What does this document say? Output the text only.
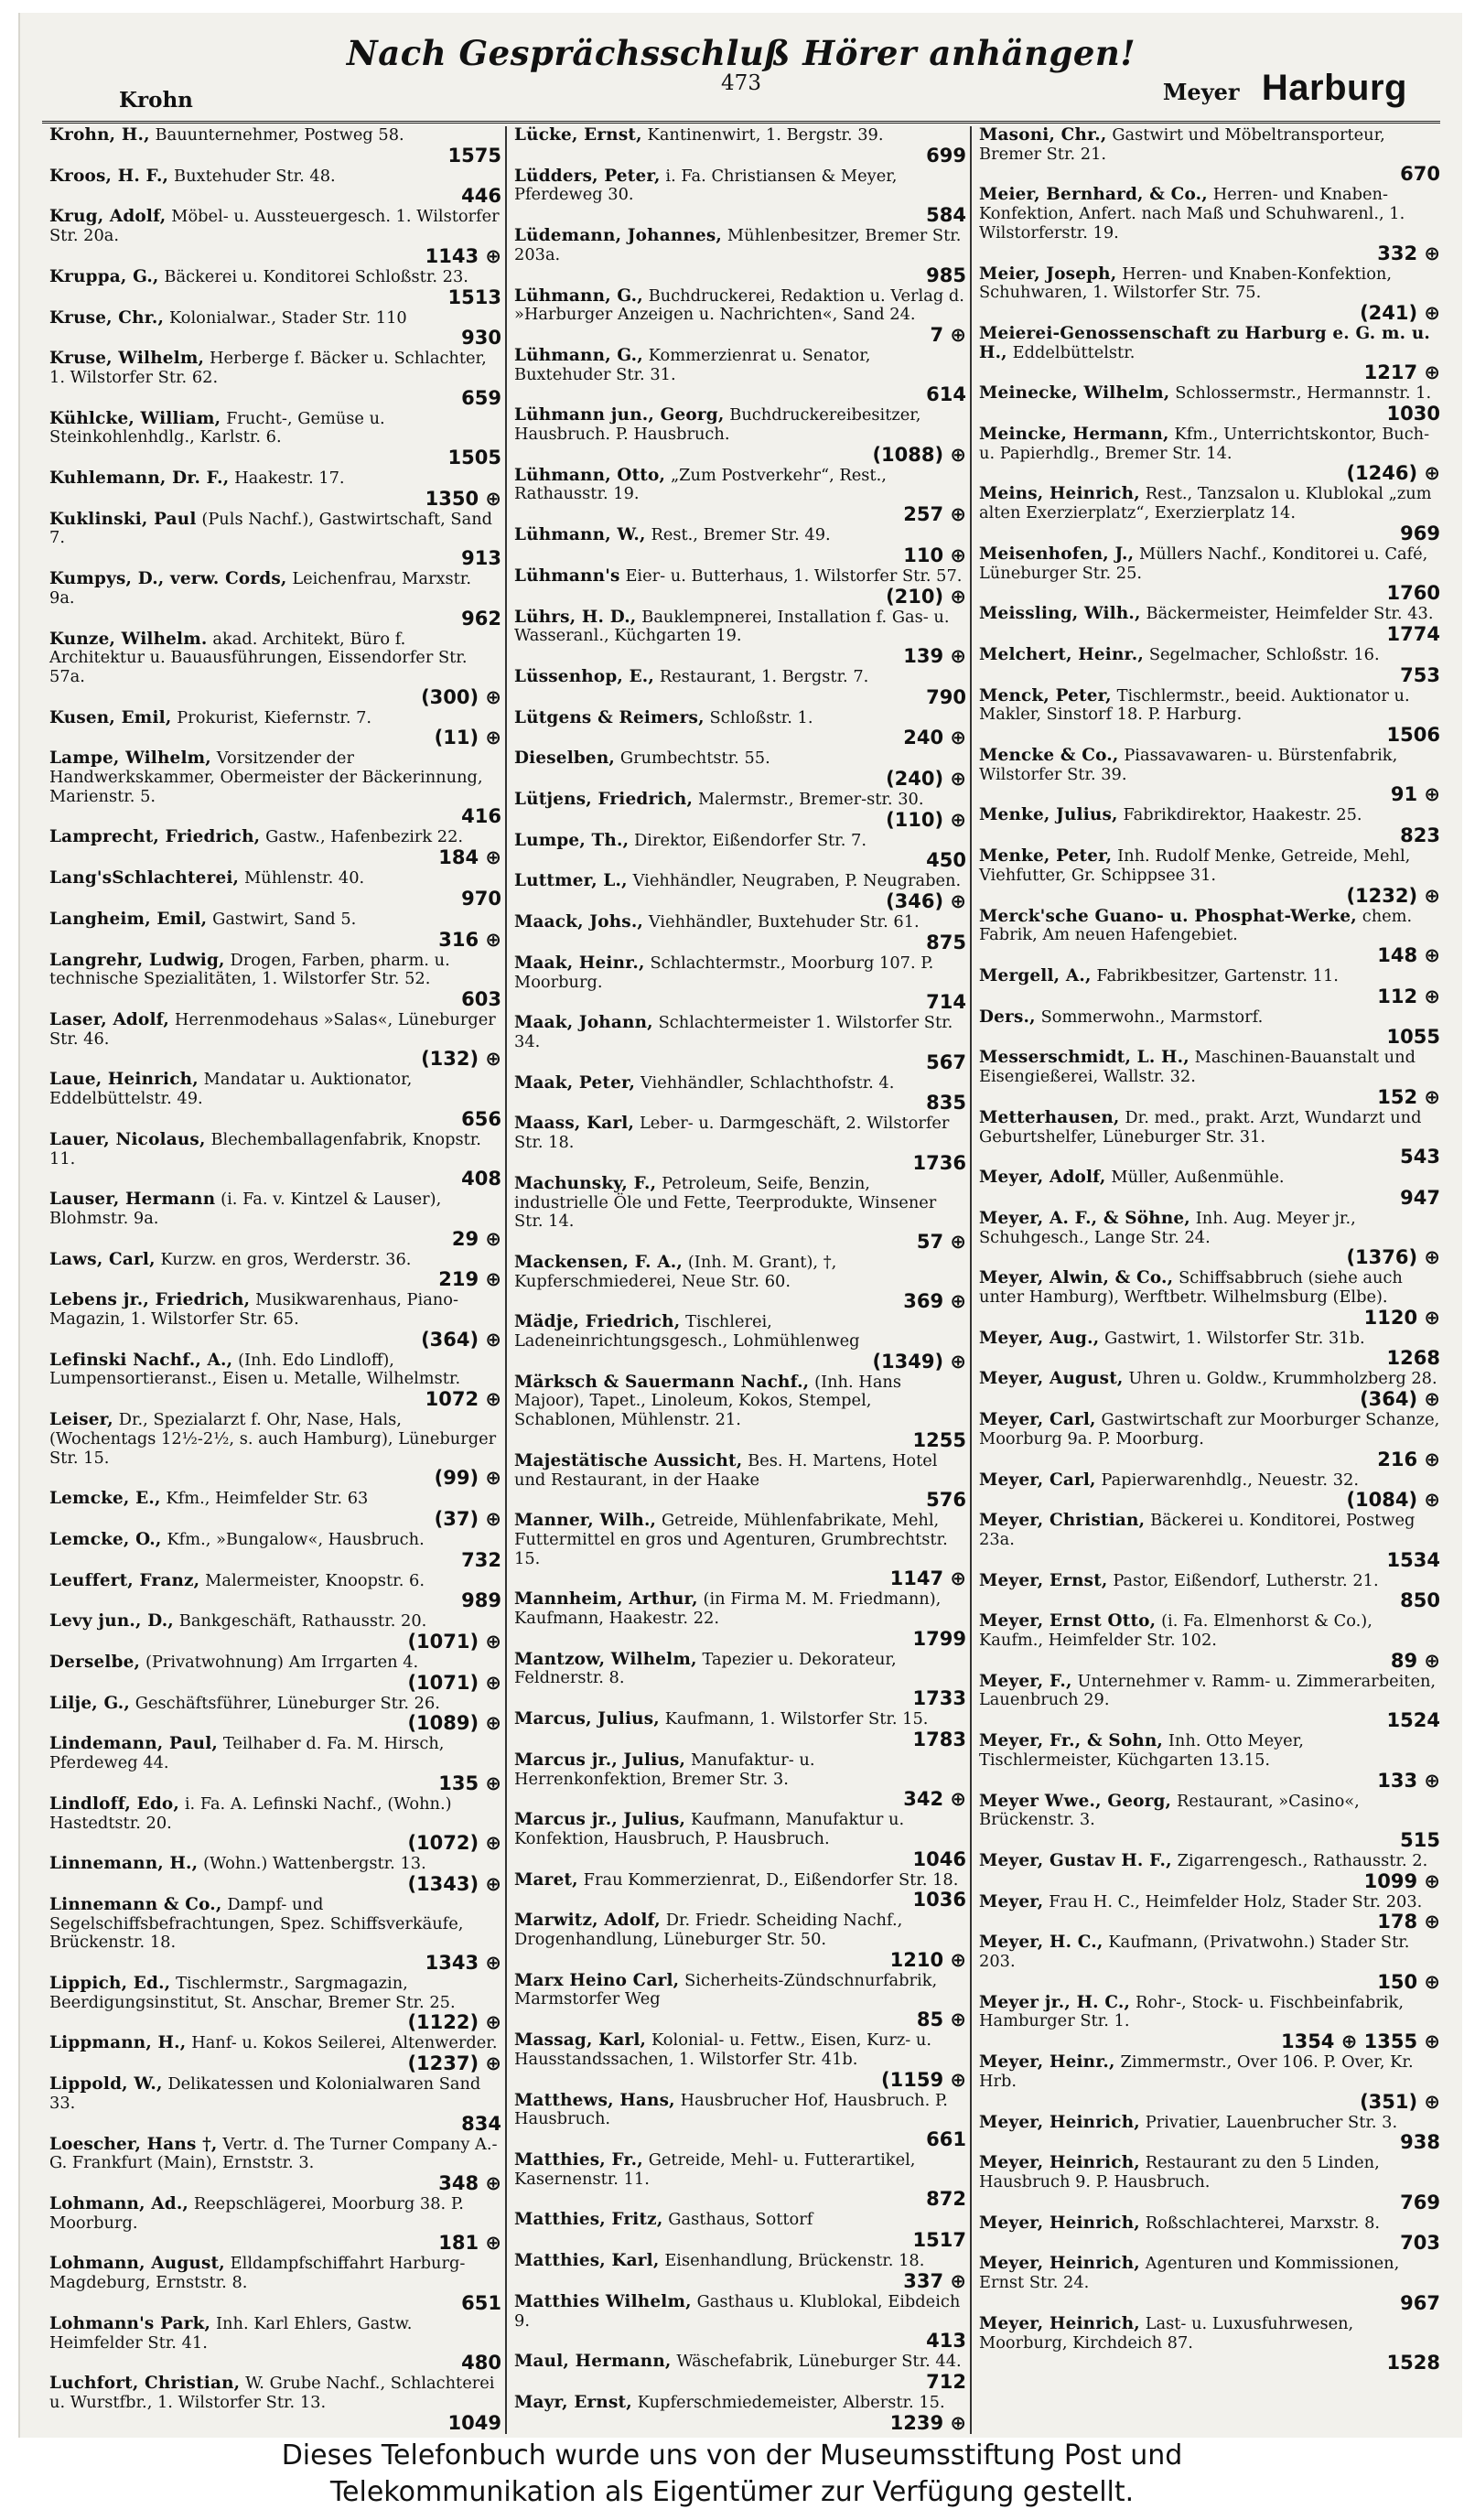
Nach Gesprächsschluß Hörer anhängen!
473
Krohn	Meyer Harburg
Krohn, H., Bauunternehmer, Postweg 58.
1575
Kroos, H. F., Buxtehuder Str. 48.
446
Krug, Adolf, Möbel- u. Aussteuergesch. 1. Wilstorfer Str. 20a.
1143 ⊕
Kruppa, G., Bäckerei u. Konditorei Schloßstr. 23.
1513
Kruse, Chr., Kolonialwar., Stader Str. 110
930
Kruse, Wilhelm, Herberge f. Bäcker u. Schlachter, 1. Wilstorfer Str. 62.
659
Kühlcke, William, Frucht-, Gemüse u. Steinkohlenhdlg., Karlstr. 6.
1505
Kuhlemann, Dr. F., Haakestr. 17.
1350 ⊕
Kuklinski, Paul (Puls Nachf.), Gastwirtschaft, Sand 7.
913
Kumpys, D., verw. Cords, Leichenfrau, Marxstr. 9a.
962
Kunze, Wilhelm. akad. Architekt, Büro f. Architektur u. Bauausführungen, Eissendorfer Str. 57a.
(300) ⊕
Kusen, Emil, Prokurist, Kiefernstr. 7.
(11) ⊕
Lampe, Wilhelm, Vorsitzender der Handwerkskammer, Obermeister der Bäckerinnung, Marienstr. 5.
416
Lamprecht, Friedrich, Gastw., Hafenbezirk 22.
184 ⊕
Lang'sSchlachterei, Mühlenstr. 40.
970
Langheim, Emil, Gastwirt, Sand 5.
316 ⊕
Langrehr, Ludwig, Drogen, Farben, pharm. u. technische Spezialitäten, 1. Wilstorfer Str. 52.
603
Laser, Adolf, Herrenmodehaus »Salas«, Lüneburger Str. 46.
(132) ⊕
Laue, Heinrich, Mandatar u. Auktionator, Eddelbüttelstr. 49.
656
Lauer, Nicolaus, Blechemballagenfabrik, Knopstr. 11.
408
Lauser, Hermann (i. Fa. v. Kintzel & Lauser), Blohmstr. 9a.
29 ⊕
Laws, Carl, Kurzw. en gros, Werderstr. 36.
219 ⊕
Lebens jr., Friedrich, Musikwarenhaus, Piano-Magazin, 1. Wilstorfer Str. 65.
(364) ⊕
Lefinski Nachf., A., (Inh. Edo Lindloff), Lumpensortieranst., Eisen u. Metalle, Wilhelmstr.
1072 ⊕
Leiser, Dr., Spezialarzt f. Ohr, Nase, Hals, (Wochentags 12½-2½, s. auch Hamburg), Lüneburger Str. 15.
(99) ⊕
Lemcke, E., Kfm., Heimfelder Str. 63
(37) ⊕
Lemcke, O., Kfm., »Bungalow«, Hausbruch.
732
Leuffert, Franz, Malermeister, Knoopstr. 6.
989
Levy jun., D., Bankgeschäft, Rathausstr. 20.
(1071) ⊕
Derselbe, (Privatwohnung) Am Irrgarten 4.
(1071) ⊕
Lilje, G., Geschäftsführer, Lüneburger Str. 26.
(1089) ⊕
Lindemann, Paul, Teilhaber d. Fa. M. Hirsch, Pferdeweg 44.
135 ⊕
Lindloff, Edo, i. Fa. A. Lefinski Nachf., (Wohn.) Hastedtstr. 20.
(1072) ⊕
Linnemann, H., (Wohn.) Wattenbergstr. 13.
(1343) ⊕
Linnemann & Co., Dampf- und Segelschiffsbefrachtungen, Spez. Schiffsverkäufe, Brückenstr. 18.
1343 ⊕
Lippich, Ed., Tischlermstr., Sargmagazin, Beerdigungsinstitut, St. Anschar, Bremer Str. 25.
(1122) ⊕
Lippmann, H., Hanf- u. Kokos Seilerei, Altenwerder.
(1237) ⊕
Lippold, W., Delikatessen und Kolonialwaren Sand 33.
834
Loescher, Hans †, Vertr. d. The Turner Company A.-G. Frankfurt (Main), Ernststr. 3.
348 ⊕
Lohmann, Ad., Reepschlägerei, Moorburg 38. P. Moorburg.
181 ⊕
Lohmann, August, Elldampfschiffahrt Harburg-Magdeburg, Ernststr. 8.
651
Lohmann's Park, Inh. Karl Ehlers, Gastw. Heimfelder Str. 41.
480
Luchfort, Christian, W. Grube Nachf., Schlachterei u. Wurstfbr., 1. Wilstorfer Str. 13.
1049
Lücke, Ernst, Kantinenwirt, 1. Bergstr. 39.
699
Lüdders, Peter, i. Fa. Christiansen & Meyer, Pferdeweg 30.
584
Lüdemann, Johannes, Mühlenbesitzer, Bremer Str. 203a.
985
Lühmann, G., Buchdruckerei, Redaktion u. Verlag d. »Harburger Anzeigen u. Nachrichten«, Sand 24.
7 ⊕
Lühmann, G., Kommerzienrat u. Senator, Buxtehuder Str. 31.
614
Lühmann jun., Georg, Buchdruckereibesitzer, Hausbruch. P. Hausbruch.
(1088) ⊕
Lühmann, Otto, „Zum Postverkehr“, Rest., Rathausstr. 19.
257 ⊕
Lühmann, W., Rest., Bremer Str. 49.
110 ⊕
Lühmann's Eier- u. Butterhaus, 1. Wilstorfer Str. 57.
(210) ⊕
Lührs, H. D., Bauklempnerei, Installation f. Gas- u. Wasseranl., Küchgarten 19.
139 ⊕
Lüssenhop, E., Restaurant, 1. Bergstr. 7.
790
Lütgens & Reimers, Schloßstr. 1.
240 ⊕
Dieselben, Grumbechtstr. 55.
(240) ⊕
Lütjens, Friedrich, Malermstr., Bremer-str. 30.
(110) ⊕
Lumpe, Th., Direktor, Eißendorfer Str. 7.
450
Luttmer, L., Viehhändler, Neugraben, P. Neugraben.
(346) ⊕
Maack, Johs., Viehhändler, Buxtehuder Str. 61.
875
Maak, Heinr., Schlachtermstr., Moorburg 107. P. Moorburg.
714
Maak, Johann, Schlachtermeister 1. Wilstorfer Str. 34.
567
Maak, Peter, Viehhändler, Schlachthofstr. 4.
835
Maass, Karl, Leber- u. Darmgeschäft, 2. Wilstorfer Str. 18.
1736
Machunsky, F., Petroleum, Seife, Benzin, industrielle Öle und Fette, Teerprodukte, Winsener Str. 14.
57 ⊕
Mackensen, F. A., (Inh. M. Grant), †, Kupferschmiederei, Neue Str. 60.
369 ⊕
Mädje, Friedrich, Tischlerei, Ladeneinrichtungsgesch., Lohmühlenweg
(1349) ⊕
Märksch & Sauermann Nachf., (Inh. Hans Majoor), Tapet., Linoleum, Kokos, Stempel, Schablonen, Mühlenstr. 21.
1255
Majestätische Aussicht, Bes. H. Martens, Hotel und Restaurant, in der Haake
576
Manner, Wilh., Getreide, Mühlenfabrikate, Mehl, Futtermittel en gros und Agenturen, Grumbrechtstr. 15.
1147 ⊕
Mannheim, Arthur, (in Firma M. M. Friedmann), Kaufmann, Haakestr. 22.
1799
Mantzow, Wilhelm, Tapezier u. Dekorateur, Feldnerstr. 8.
1733
Marcus, Julius, Kaufmann, 1. Wilstorfer Str. 15.
1783
Marcus jr., Julius, Manufaktur- u. Herrenkonfektion, Bremer Str. 3.
342 ⊕
Marcus jr., Julius, Kaufmann, Manufaktur u. Konfektion, Hausbruch, P. Hausbruch.
1046
Maret, Frau Kommerzienrat, D., Eißendorfer Str. 18.
1036
Marwitz, Adolf, Dr. Friedr. Scheiding Nachf., Drogenhandlung, Lüneburger Str. 50.
1210 ⊕
Marx Heino Carl, Sicherheits-Zündschnurfabrik, Marmstorfer Weg
85 ⊕
Massag, Karl, Kolonial- u. Fettw., Eisen, Kurz- u. Hausstandssachen, 1. Wilstorfer Str. 41b.
(1159 ⊕
Matthews, Hans, Hausbrucher Hof, Hausbruch. P. Hausbruch.
661
Matthies, Fr., Getreide, Mehl- u. Futterartikel, Kasernenstr. 11.
872
Matthies, Fritz, Gasthaus, Sottorf
1517
Matthies, Karl, Eisenhandlung, Brückenstr. 18.
337 ⊕
Matthies Wilhelm, Gasthaus u. Klublokal, Eibdeich 9.
413
Maul, Hermann, Wäschefabrik, Lüneburger Str. 44.
712
Mayr, Ernst, Kupferschmiedemeister, Alberstr. 15.
1239 ⊕
Masoni, Chr., Gastwirt und Möbeltransporteur, Bremer Str. 21.
670
Meier, Bernhard, & Co., Herren- und Knaben-Konfektion, Anfert. nach Maß und Schuhwarenl., 1. Wilstorferstr. 19.
332 ⊕
Meier, Joseph, Herren- und Knaben-Konfektion, Schuhwaren, 1. Wilstorfer Str. 75.
(241) ⊕
Meierei-Genossenschaft zu Harburg e. G. m. u. H., Eddelbüttelstr.
1217 ⊕
Meinecke, Wilhelm, Schlossermstr., Hermannstr. 1.
1030
Meincke, Hermann, Kfm., Unterrichtskontor, Buch- u. Papierhdlg., Bremer Str. 14.
(1246) ⊕
Meins, Heinrich, Rest., Tanzsalon u. Klublokal „zum alten Exerzierplatz“, Exerzierplatz 14.
969
Meisenhofen, J., Müllers Nachf., Konditorei u. Café, Lüneburger Str. 25.
1760
Meissling, Wilh., Bäckermeister, Heimfelder Str. 43.
1774
Melchert, Heinr., Segelmacher, Schloßstr. 16.
753
Menck, Peter, Tischlermstr., beeid. Auktionator u. Makler, Sinstorf 18. P. Harburg.
1506
Mencke & Co., Piassavawaren- u. Bürstenfabrik, Wilstorfer Str. 39.
91 ⊕
Menke, Julius, Fabrikdirektor, Haakestr. 25.
823
Menke, Peter, Inh. Rudolf Menke, Getreide, Mehl, Viehfutter, Gr. Schippsee 31.
(1232) ⊕
Merck'sche Guano- u. Phosphat-Werke, chem. Fabrik, Am neuen Hafengebiet.
148 ⊕
Mergell, A., Fabrikbesitzer, Gartenstr. 11.
112 ⊕
Ders., Sommerwohn., Marmstorf.
1055
Messerschmidt, L. H., Maschinen-Bauanstalt und Eisengießerei, Wallstr. 32.
152 ⊕
Metterhausen, Dr. med., prakt. Arzt, Wundarzt und Geburtshelfer, Lüneburger Str. 31.
543
Meyer, Adolf, Müller, Außenmühle.
947
Meyer, A. F., & Söhne, Inh. Aug. Meyer jr., Schuhgesch., Lange Str. 24.
(1376) ⊕
Meyer, Alwin, & Co., Schiffsabbruch (siehe auch unter Hamburg), Werftbetr. Wilhelmsburg (Elbe).
1120 ⊕
Meyer, Aug., Gastwirt, 1. Wilstorfer Str. 31b.
1268
Meyer, August, Uhren u. Goldw., Krummholzberg 28.
(364) ⊕
Meyer, Carl, Gastwirtschaft zur Moorburger Schanze, Moorburg 9a. P. Moorburg.
216 ⊕
Meyer, Carl, Papierwarenhdlg., Neuestr. 32.
(1084) ⊕
Meyer, Christian, Bäckerei u. Konditorei, Postweg 23a.
1534
Meyer, Ernst, Pastor, Eißendorf, Lutherstr. 21.
850
Meyer, Ernst Otto, (i. Fa. Elmenhorst & Co.), Kaufm., Heimfelder Str. 102.
89 ⊕
Meyer, F., Unternehmer v. Ramm- u. Zimmerarbeiten, Lauenbruch 29.
1524
Meyer, Fr., & Sohn, Inh. Otto Meyer, Tischlermeister, Küchgarten 13.15.
133 ⊕
Meyer Wwe., Georg, Restaurant, »Casino«, Brückenstr. 3.
515
Meyer, Gustav H. F., Zigarrengesch., Rathausstr. 2.
1099 ⊕
Meyer, Frau H. C., Heimfelder Holz, Stader Str. 203.
178 ⊕
Meyer, H. C., Kaufmann, (Privatwohn.) Stader Str. 203.
150 ⊕
Meyer jr., H. C., Rohr-, Stock- u. Fischbeinfabrik, Hamburger Str. 1.
1354 ⊕ 1355 ⊕
Meyer, Heinr., Zimmermstr., Over 106. P. Over, Kr. Hrb.
(351) ⊕
Meyer, Heinrich, Privatier, Lauenbrucher Str. 3.
938
Meyer, Heinrich, Restaurant zu den 5 Linden, Hausbruch 9. P. Hausbruch.
769
Meyer, Heinrich, Roßschlachterei, Marxstr. 8.
703
Meyer, Heinrich, Agenturen und Kommissionen, Ernst Str. 24.
967
Meyer, Heinrich, Last- u. Luxusfuhrwesen, Moorburg, Kirchdeich 87.
1528
Dieses Telefonbuch wurde uns von der Museumsstiftung Post und
Telekommunikation als Eigentümer zur Verfügung gestellt.
